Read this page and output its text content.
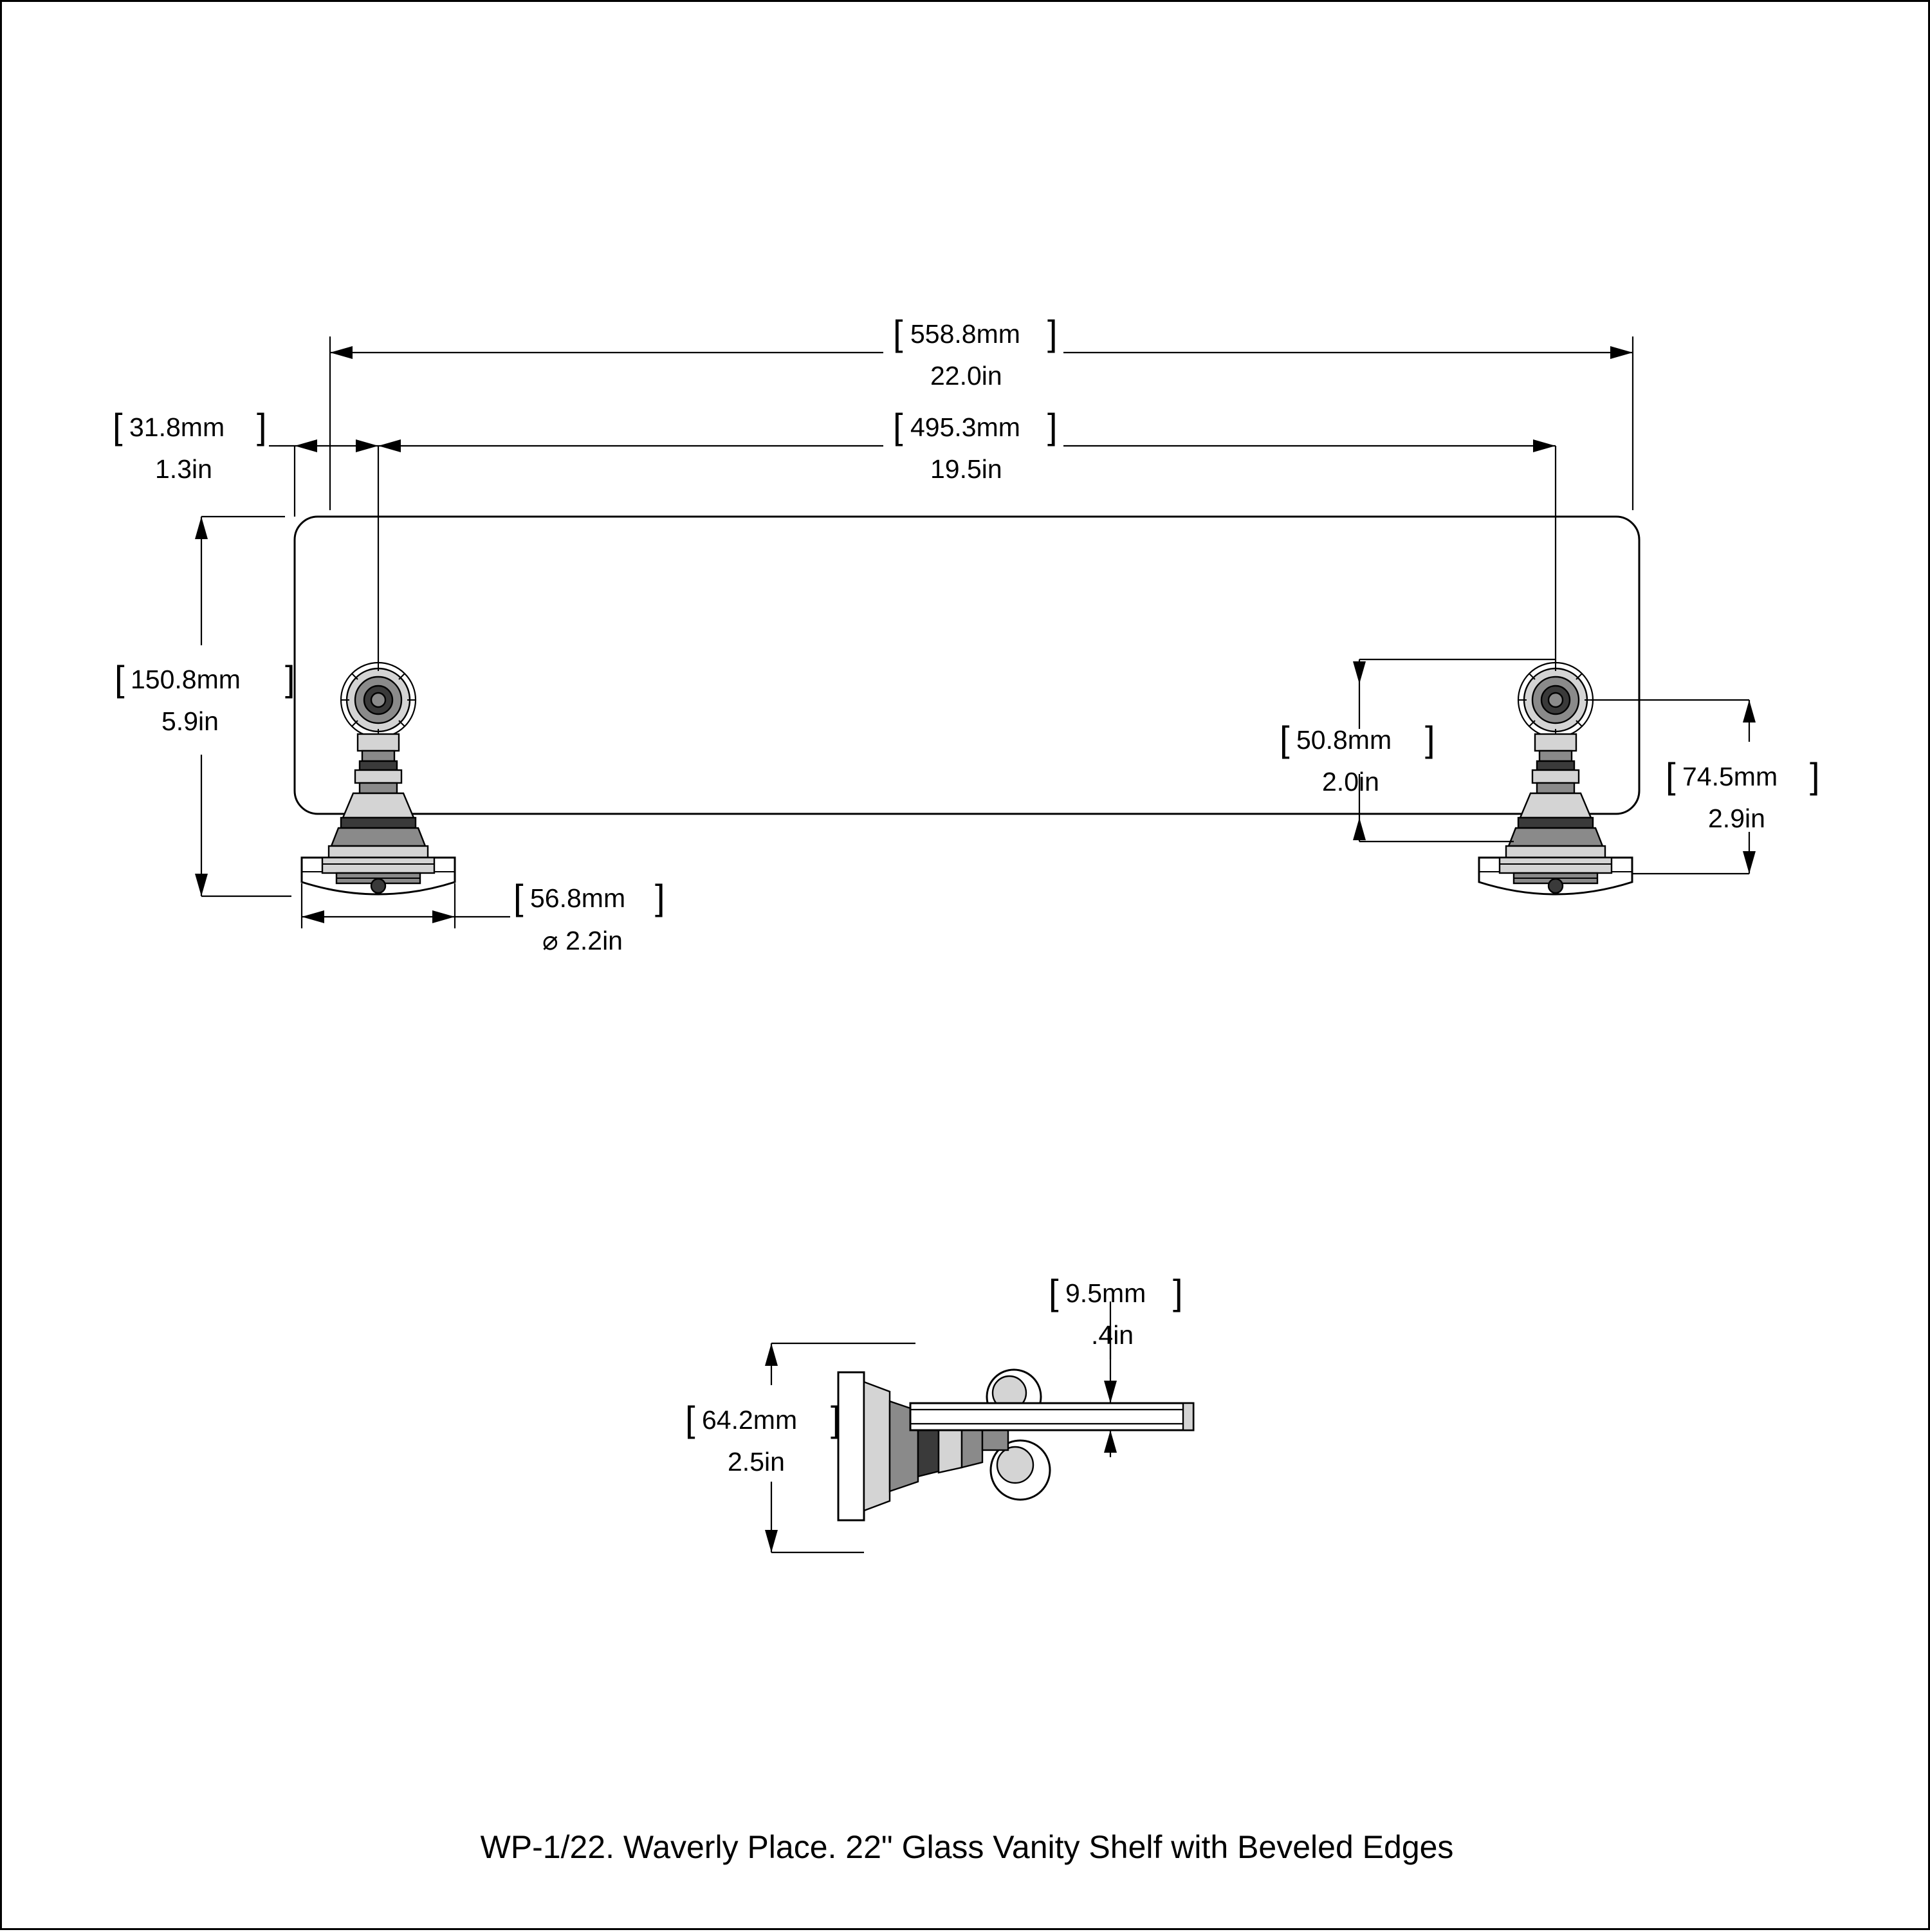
[ 558.8mm ]
22.0in
[ 495.3mm ]
19.5in
[ 31.8mm ]
1.3in
[ 150.8mm ]
5.9in	[ 50.8mm ]
2.0in	[ 74.5mm ]
2.9in
[ 56.8mm ]
⌀ 2.2in
[ 9.5mm ]
.4in
[ 64.2mm ]
2.5in
WP-1/22. Waverly Place. 22" Glass Vanity Shelf with Beveled Edges
